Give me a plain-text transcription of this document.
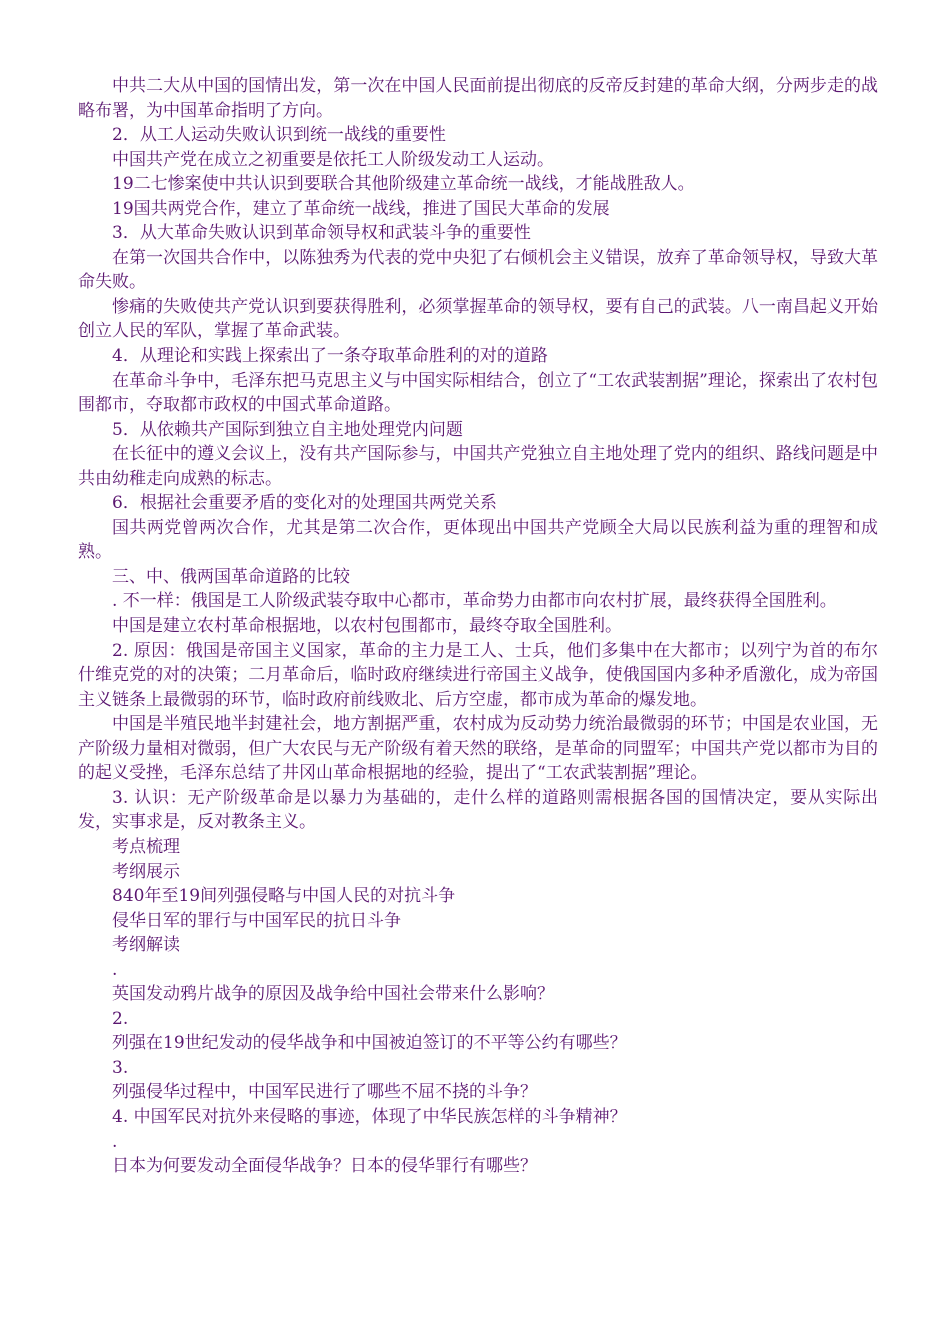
中共二大从中国的国情出发，第一次在中国人民面前提出彻底的反帝反封建的革命大纲，分两步走的战略布署，为中国革命指明了方向。

2．从工人运动失败认识到统一战线的重要性

中国共产党在成立之初重要是依托工人阶级发动工人运动。

19二七惨案使中共认识到要联合其他阶级建立革命统一战线，才能战胜敌人。

19国共两党合作，建立了革命统一战线，推进了国民大革命的发展

3．从大革命失败认识到革命领导权和武装斗争的重要性

在第一次国共合作中，以陈独秀为代表的党中央犯了右倾机会主义错误，放弃了革命领导权，导致大革命失败。

惨痛的失败使共产党认识到要获得胜利，必须掌握革命的领导权，要有自己的武装。八一南昌起义开始创立人民的军队，掌握了革命武装。

4．从理论和实践上探索出了一条夺取革命胜利的对的道路

在革命斗争中，毛泽东把马克思主义与中国实际相结合，创立了“工农武装割据”理论，探索出了农村包围都市，夺取都市政权的中国式革命道路。

5．从依赖共产国际到独立自主地处理党内问题

在长征中的遵义会议上，没有共产国际参与，中国共产党独立自主地处理了党内的组织、路线问题是中共由幼稚走向成熟的标志。

6．根据社会重要矛盾的变化对的处理国共两党关系

国共两党曾两次合作，尤其是第二次合作，更体现出中国共产党顾全大局以民族利益为重的理智和成熟。

三、中、俄两国革命道路的比较

. 不一样：俄国是工人阶级武装夺取中心都市，革命势力由都市向农村扩展，最终获得全国胜利。

中国是建立农村革命根据地，以农村包围都市，最终夺取全国胜利。

2. 原因：俄国是帝国主义国家，革命的主力是工人、士兵，他们多集中在大都市；以列宁为首的布尔什维克党的对的决策；二月革命后，临时政府继续进行帝国主义战争，使俄国国内多种矛盾激化，成为帝国主义链条上最微弱的环节，临时政府前线败北、后方空虚，都市成为革命的爆发地。

中国是半殖民地半封建社会，地方割据严重，农村成为反动势力统治最微弱的环节；中国是农业国，无产阶级力量相对微弱，但广大农民与无产阶级有着天然的联络，是革命的同盟军；中国共产党以都市为目的的起义受挫，毛泽东总结了井冈山革命根据地的经验，提出了“工农武装割据”理论。

3. 认识：无产阶级革命是以暴力为基础的，走什么样的道路则需根据各国的国情决定，要从实际出发，实事求是，反对教条主义。

考点梳理

考纲展示

840年至19间列强侵略与中国人民的对抗斗争

侵华日军的罪行与中国军民的抗日斗争

考纲解读

.

英国发动鸦片战争的原因及战争给中国社会带来什么影响？

2.

列强在19世纪发动的侵华战争和中国被迫签订的不平等公约有哪些？

3.

列强侵华过程中，中国军民进行了哪些不屈不挠的斗争？

4. 中国军民对抗外来侵略的事迹，体现了中华民族怎样的斗争精神？

.

日本为何要发动全面侵华战争？日本的侵华罪行有哪些？
